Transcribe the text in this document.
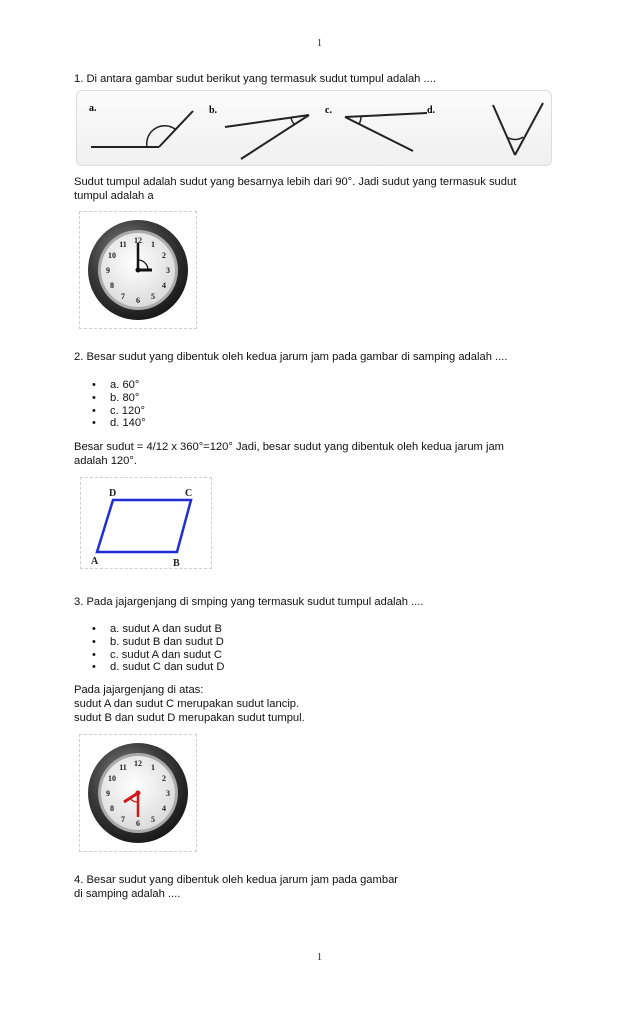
1
1. Di antara gambar sudut berikut yang termasuk sudut tumpul adalah ....
a.	b.	c.	d.
Sudut tumpul adalah sudut yang besarnya lebih dari 90°. Jadi sudut yang termasuk sudut
tumpul adalah a
12 1
2
3
4
5
6
7
8
9
10
11
2. Besar sudut yang dibentuk oleh kedua jarum jam pada gambar di samping adalah ....
• a. 60°
• b. 80°
• c. 120°
• d. 140°
Besar sudut = 4/12 x 360°=120° Jadi, besar sudut yang dibentuk oleh kedua jarum jam
adalah 120°.
D	C
A	B
3. Pada jajargenjang di smping yang termasuk sudut tumpul adalah ....
• a. sudut A dan sudut B
• b. sudut B dan sudut D
• c. sudut A dan sudut C
• d. sudut C dan sudut D
Pada jajargenjang di atas:
sudut A dan sudut C merupakan sudut lancip.
sudut B dan sudut D merupakan sudut tumpul.
12 1
2
3
4
5
6
7
8
9
10
11
4. Besar sudut yang dibentuk oleh kedua jarum jam pada gambar
di samping adalah ....
1
